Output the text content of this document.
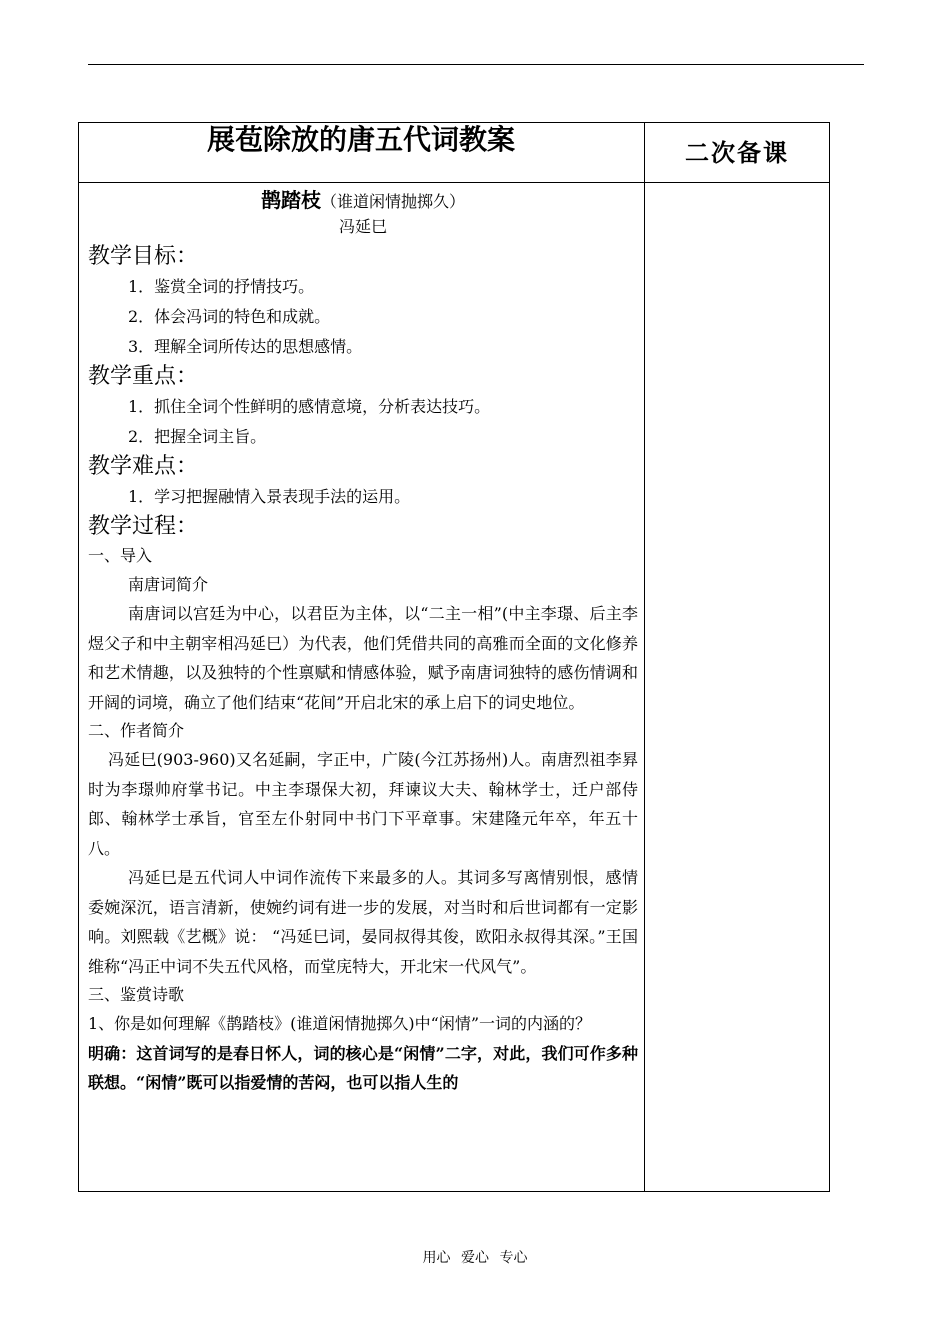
展苞除放的唐五代词教案	二次备课
鹊踏枝（谁道闲情抛掷久）
冯延巳
教学目标：
1．鉴赏全词的抒情技巧。
2．体会冯词的特色和成就。
3．理解全词所传达的思想感情。
教学重点：
1．抓住全词个性鲜明的感情意境，分析表达技巧。
2．把握全词主旨。
教学难点：
1．学习把握融情入景表现手法的运用。
教学过程：
一、导入
南唐词简介

南唐词以宫廷为中心，以君臣为主体，以“二主一相”(中主李璟、后主李煜父子和中主朝宰相冯延巳）为代表，他们凭借共同的高雅而全面的文化修养和艺术情趣，以及独特的个性禀赋和情感体验，赋予南唐词独特的感伤情调和开阔的词境，确立了他们结束“花间”开启北宋的承上启下的词史地位。

二、作者简介

冯延巳(903-960)又名延嗣，字正中，广陵(今江苏扬州)人。南唐烈祖李昪时为李璟帅府掌书记。中主李璟保大初，拜谏议大夫、翰林学士，迁户部侍郎、翰林学士承旨，官至左仆射同中书门下平章事。宋建隆元年卒，年五十八。

冯延巳是五代词人中词作流传下来最多的人。其词多写离情别恨，感情委婉深沉，语言清新，使婉约词有进一步的发展，对当时和后世词都有一定影响。刘熙载《艺概》说： “冯延巳词，晏同叔得其俊，欧阳永叔得其深。”王国维称“冯正中词不失五代风格，而堂庑特大，开北宋一代风气”。

三、鉴赏诗歌

1、你是如何理解《鹊踏枝》(谁道闲情抛掷久)中“闲情”一词的内涵的？

明确：这首词写的是春日怀人，词的核心是“闲情”二字，对此，我们可作多种联想。“闲情”既可以指爱情的苦闷，也可以指人生的

用心 爱心 专心
